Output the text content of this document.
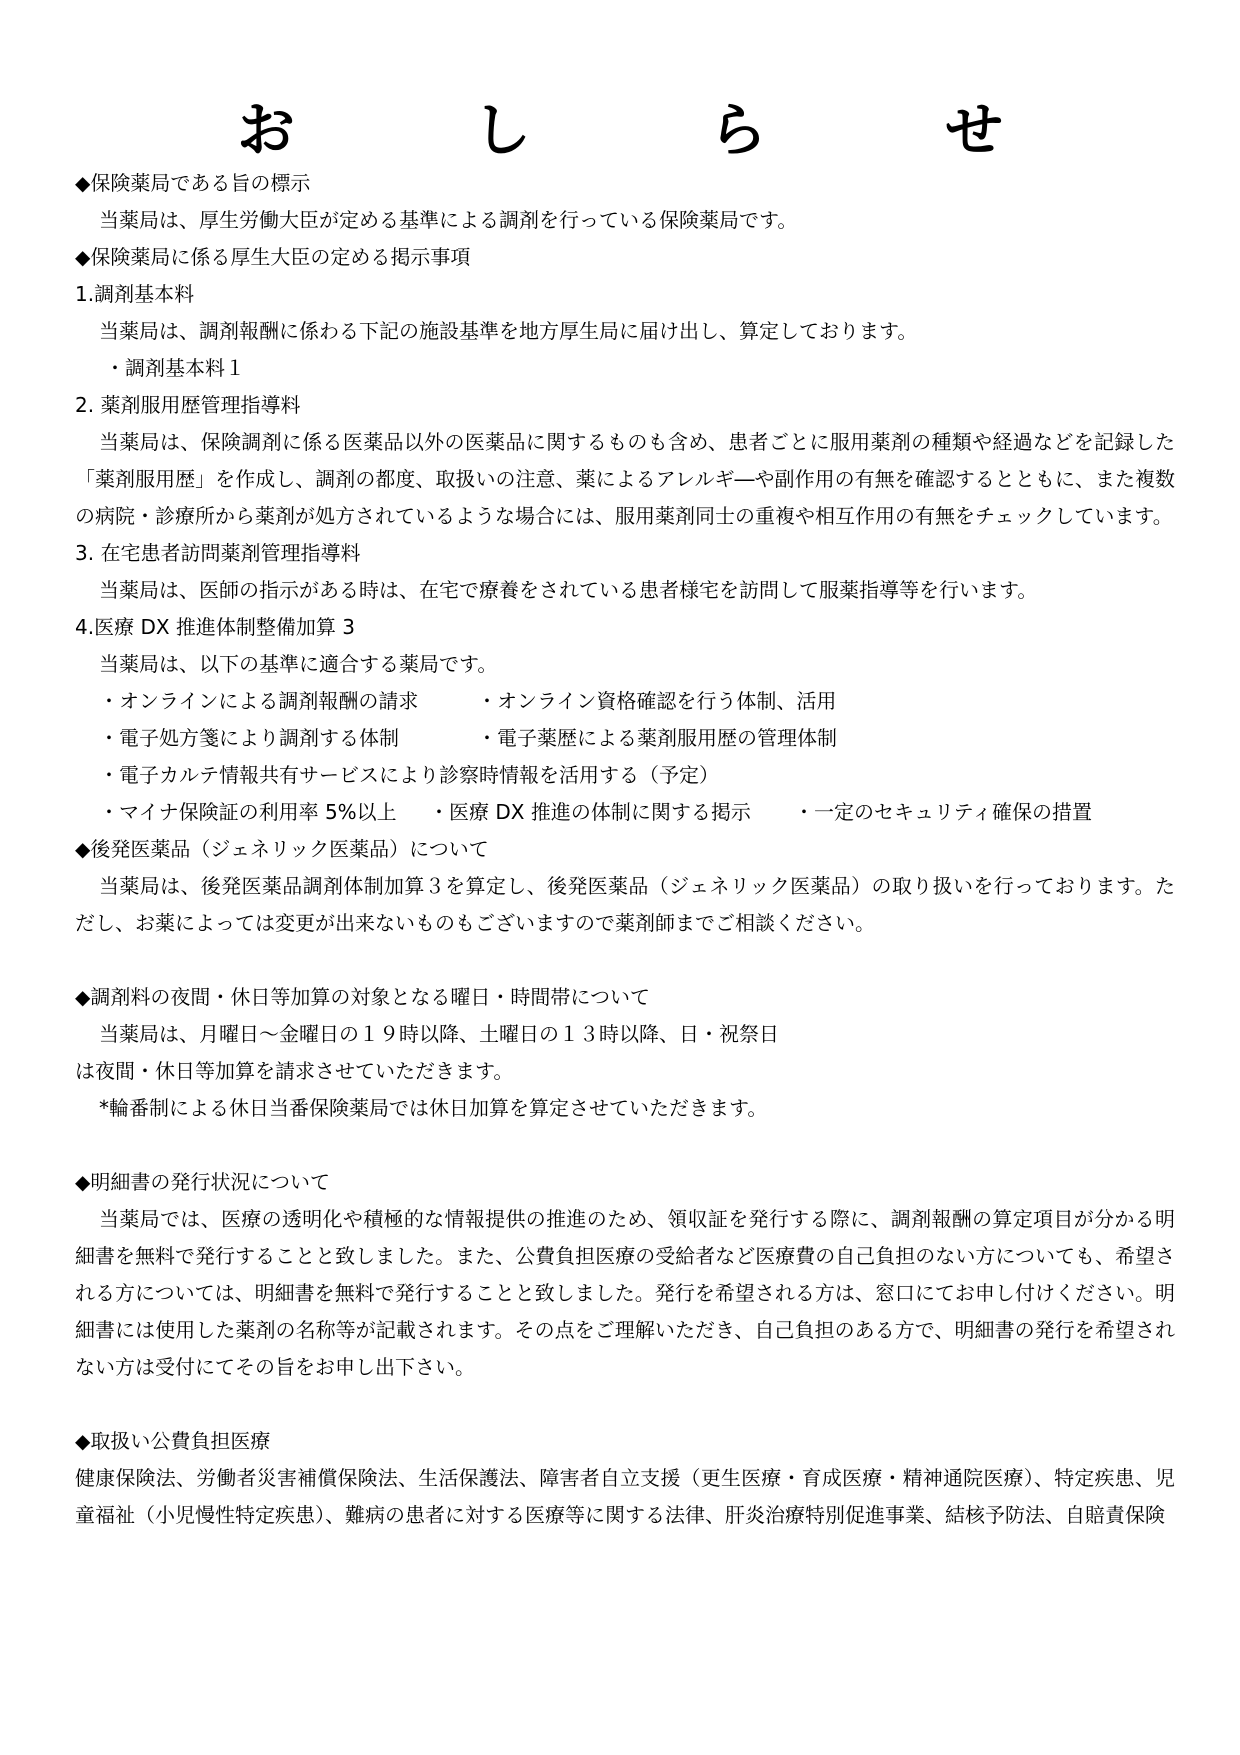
お　し　ら　せ
◆保険薬局である旨の標示
当薬局は、厚生労働大臣が定める基準による調剤を行っている保険薬局です。
◆保険薬局に係る厚生大臣の定める掲示事項
1.調剤基本料
当薬局は、調剤報酬に係わる下記の施設基準を地方厚生局に届け出し、算定しております。
・調剤基本料１
2. 薬剤服用歴管理指導料
当薬局は、保険調剤に係る医薬品以外の医薬品に関するものも含め、患者ごとに服用薬剤の種類や経過などを記録した「薬剤服用歴」を作成し、調剤の都度、取扱いの注意、薬によるアレルギ―や副作用の有無を確認するとともに、また複数の病院・診療所から薬剤が処方されているような場合には、服用薬剤同士の重複や相互作用の有無をチェックしています。
3. 在宅患者訪問薬剤管理指導料
当薬局は、医師の指示がある時は、在宅で療養をされている患者様宅を訪問して服薬指導等を行います。
4.医療 DX 推進体制整備加算 3
当薬局は、以下の基準に適合する薬局です。
・オンラインによる調剤報酬の請求	・オンライン資格確認を行う体制、活用
・電子処方箋により調剤する体制	・電子薬歴による薬剤服用歴の管理体制
・電子カルテ情報共有サービスにより診察時情報を活用する（予定）
・マイナ保険証の利用率 5%以上 ・医療 DX 推進の体制に関する掲示 ・一定のセキュリティ確保の措置
◆後発医薬品（ジェネリック医薬品）について
当薬局は、後発医薬品調剤体制加算３を算定し、後発医薬品（ジェネリック医薬品）の取り扱いを行っております。ただし、お薬によっては変更が出来ないものもございますので薬剤師までご相談ください。
◆調剤料の夜間・休日等加算の対象となる曜日・時間帯について
当薬局は、月曜日～金曜日の１９時以降、土曜日の１３時以降、日・祝祭日
は夜間・休日等加算を請求させていただきます。
*輪番制による休日当番保険薬局では休日加算を算定させていただきます。
◆明細書の発行状況について
当薬局では、医療の透明化や積極的な情報提供の推進のため、領収証を発行する際に、調剤報酬の算定項目が分かる明細書を無料で発行することと致しました。また、公費負担医療の受給者など医療費の自己負担のない方についても、希望される方については、明細書を無料で発行することと致しました。発行を希望される方は、窓口にてお申し付けください。明細書には使用した薬剤の名称等が記載されます。その点をご理解いただき、自己負担のある方で、明細書の発行を希望されない方は受付にてその旨をお申し出下さい。
◆取扱い公費負担医療
健康保険法、労働者災害補償保険法、生活保護法、障害者自立支援（更生医療・育成医療・精神通院医療）、特定疾患、児童福祉（小児慢性特定疾患）、難病の患者に対する医療等に関する法律、肝炎治療特別促進事業、結核予防法、自賠責保険
